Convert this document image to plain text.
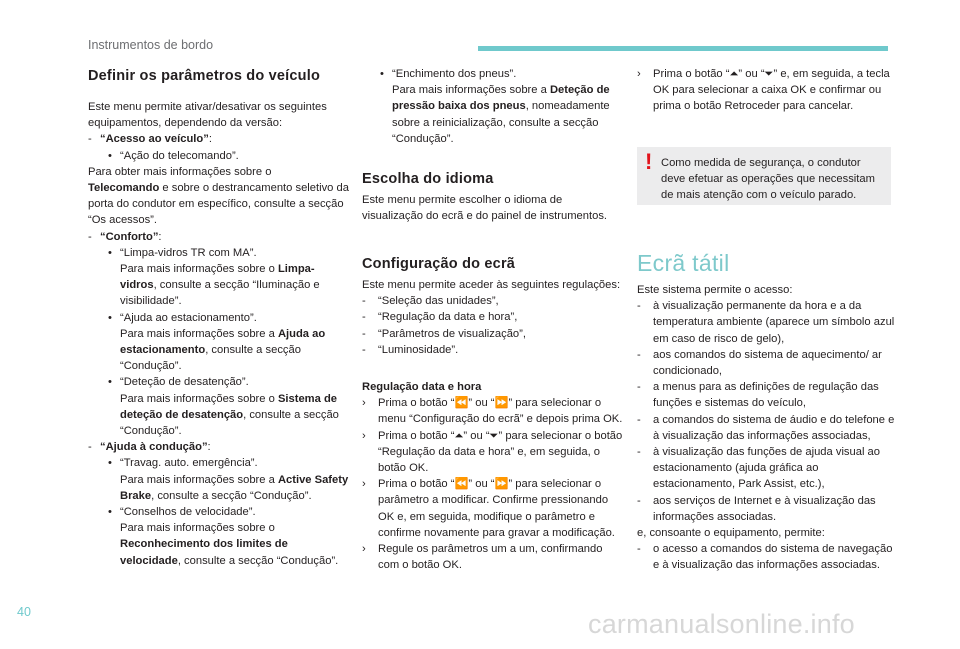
Instrumentos de bordo
Definir os parâmetros do veículo

Este menu permite ativar/desativar os seguintes equipamentos, dependendo da versão:

- “Acesso ao veículo”:
• “Ação do telecomando”.

Para obter mais informações sobre o
Telecomando e sobre o destrancamento seletivo da porta do condutor em específico, consulte a secção “Os acessos”.

- “Conforto”:
• “Limpa-vidros TR com MA”.
Para mais informações sobre o Limpa-vidros, consulte a secção “Iluminação e visibilidade”.
• “Ajuda ao estacionamento”.
Para mais informações sobre a Ajuda ao estacionamento, consulte a secção “Condução”.
• “Deteção de desatenção”.
Para mais informações sobre o Sistema de deteção de desatenção, consulte a secção “Condução”.
- “Ajuda à condução”:
• “Travag. auto. emergência”.
Para mais informações sobre a Active Safety Brake, consulte a secção “Condução”.
• “Conselhos de velocidade”.
Para mais informações sobre o Reconhecimento dos limites de velocidade, consulte a secção “Condução”.
• “Enchimento dos pneus”.
Para mais informações sobre a Deteção de pressão baixa dos pneus, nomeadamente sobre a reinicialização, consulte a secção “Condução”.
Escolha do idioma

Este menu permite escolher o idioma de visualização do ecrã e do painel de instrumentos.

Configuração do ecrã

Este menu permite aceder às seguintes regulações:

-	“Seleção das unidades”,
-	“Regulação da data e hora”,
-	“Parâmetros de visualização”,
-	“Luminosidade”.

Regulação data e hora

›	Prima o botão “⏪” ou “⏩” para selecionar o menu “Configuração do ecrã” e depois prima OK.
›	Prima o botão “⏶” ou “⏷” para selecionar o botão “Regulação da data e hora” e, em seguida, o botão OK.
›	Prima o botão “⏪” ou “⏩” para selecionar o parâmetro a modificar. Confirme pressionando OK e, em seguida, modifique o parâmetro e confirme novamente para gravar a modificação.
›	Regule os parâmetros um a um, confirmando com o botão OK.
›	Prima o botão “⏶” ou “⏷” e, em seguida, a tecla OK para selecionar a caixa OK e confirmar ou prima o botão Retroceder para cancelar.
Ecrã tátil

Este sistema permite o acesso:

-	à visualização permanente da hora e a da temperatura ambiente (aparece um símbolo azul em caso de risco de gelo),
-	aos comandos do sistema de aquecimento/ ar condicionado,
-	a menus para as definições de regulação das funções e sistemas do veículo,
-	a comandos do sistema de áudio e do telefone e à visualização das informações associadas,
-	à visualização das funções de ajuda visual ao estacionamento (ajuda gráfica ao estacionamento, Park Assist, etc.),
-	aos serviços de Internet e à visualização das informações associadas.

e, consoante o equipamento, permite:

-	o acesso a comandos do sistema de navegação e à visualização das informações associadas.
! Como medida de segurança, o condutor deve efetuar as operações que necessitam de mais atenção com o veículo parado.
40	carmanualsonline.info
